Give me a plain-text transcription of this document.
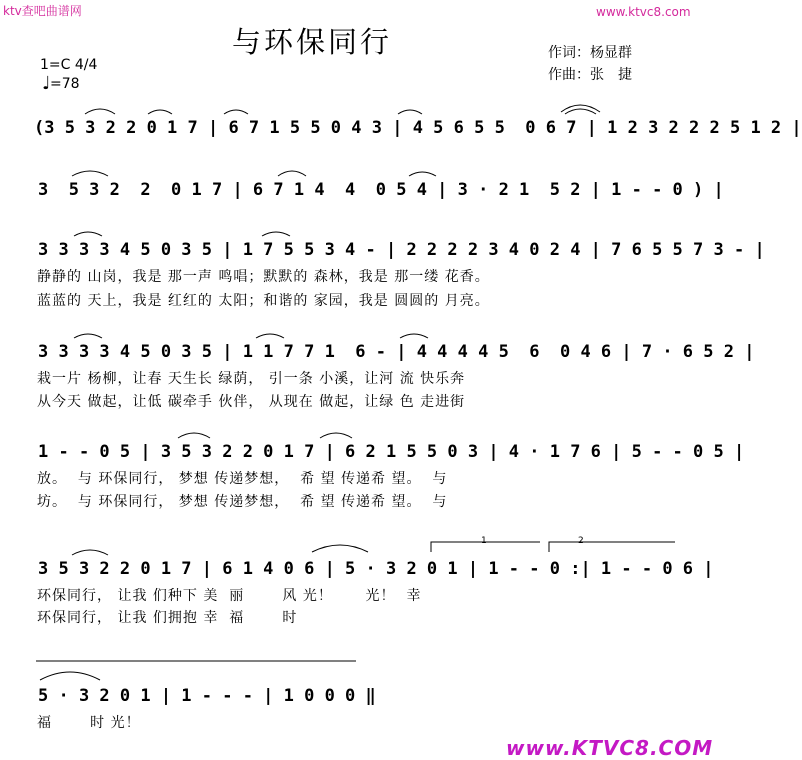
ktv查吧曲谱网	www.ktvc8.com
与环保同行	作词：杨显群
作曲：张　捷
1=C 4/4
♩ =78
(3 5 3 2 2 0 1 7 | 6 7 1 5 5 0 4 3 | 4 5 6 5 5  0 6 7 | 1 2 3 2 2 2 5 1 2 |
3  5 3 2  2  0 1 7 | 6 7 1 4  4  0 5 4 | 3 · 2 1  5 2 | 1 - - 0 ) |
3 3 3 3 4 5 0 3 5 | 1 7 5 5 3 4 - | 2 2 2 2 3 4 0 2 4 | 7 6 5 5 7 3 - |
静静的 山岗，我是 那一声 鸣唱；默默的 森林，我是 那一缕 花香。
蓝蓝的 天上，我是 红红的 太阳；和谐的 家园，我是 圆圆的 月亮。
3 3 3 3 4 5 0 3 5 | 1 1 7 7 1  6 - | 4 4 4 4 5  6  0 4 6 | 7 · 6 5 2 |
栽一片 杨柳，让春 天生长 绿荫， 引一条 小溪，让河 流 快乐奔
从今天 做起，让低 碳牵手 伙伴， 从现在 做起，让绿 色 走进街
1 - - 0 5 | 3 5 3 2 2 0 1 7 | 6 2 1 5 5 0 3 | 4 · 1 7 6 | 5 - - 0 5 |
放。  与 环保同行， 梦想 传递梦想，  希 望 传递希 望。  与
坊。  与 环保同行， 梦想 传递梦想，  希 望 传递希 望。  与
3 5 3 2 2 0 1 7 | 6 1 4 0 6 | 5 · 3 2 0 1 | 1 - - 0 :| 1 - - 0 6 |
环保同行， 让我 们种下 美  丽       风 光！      光！  幸
环保同行， 让我 们拥抱 幸  福       时
5 · 3 2 0 1 | 1 - - - | 1 0 0 0 ‖
福       时 光！
1	2
www.KTVC8.COM
